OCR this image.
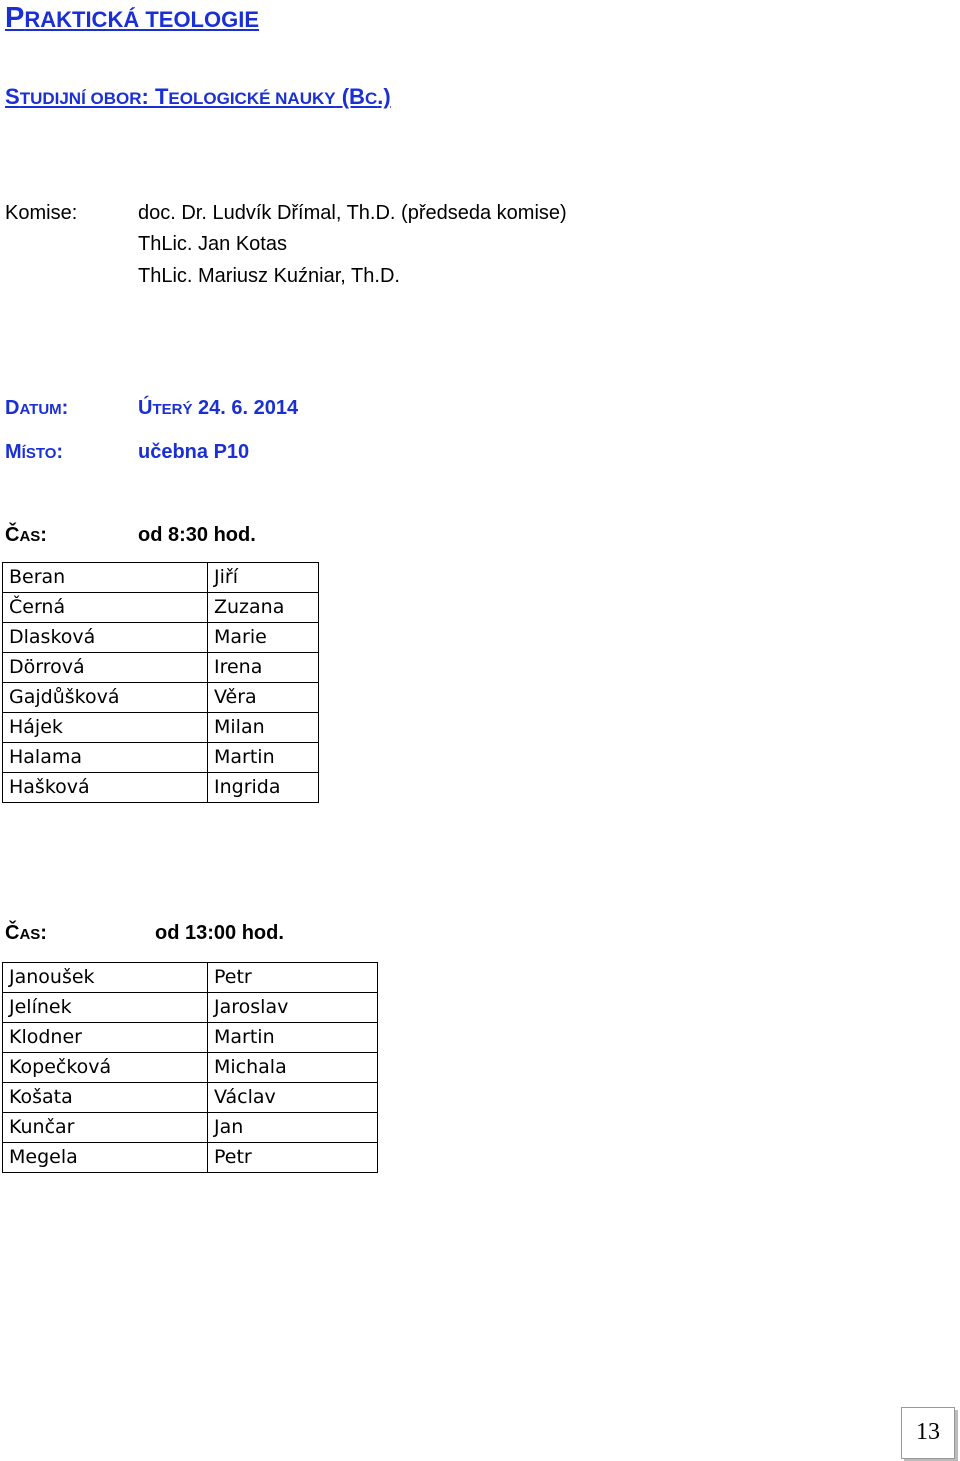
PRAKTICKÁ TEOLOGIE
STUDIJNÍ OBOR: TEOLOGICKÉ NAUKY (BC.)
Komise:	doc. Dr. Ludvík Dřímal, Th.D. (předseda komise)
ThLic. Jan Kotas
ThLic. Mariusz Kuźniar, Th.D.
DATUM:	ÚTERÝ 24. 6. 2014
MÍSTO:	učebna P10
ČAS:	od 8:30 hod.
Beran	Jiří
Černá	Zuzana
Dlasková	Marie
Dörrová	Irena
Gajdůšková	Věra
Hájek	Milan
Halama	Martin
Hašková	Ingrida
ČAS:	od 13:00 hod.
Janoušek	Petr
Jelínek	Jaroslav
Klodner	Martin
Kopečková	Michala
Košata	Václav
Kunčar	Jan
Megela	Petr
13
